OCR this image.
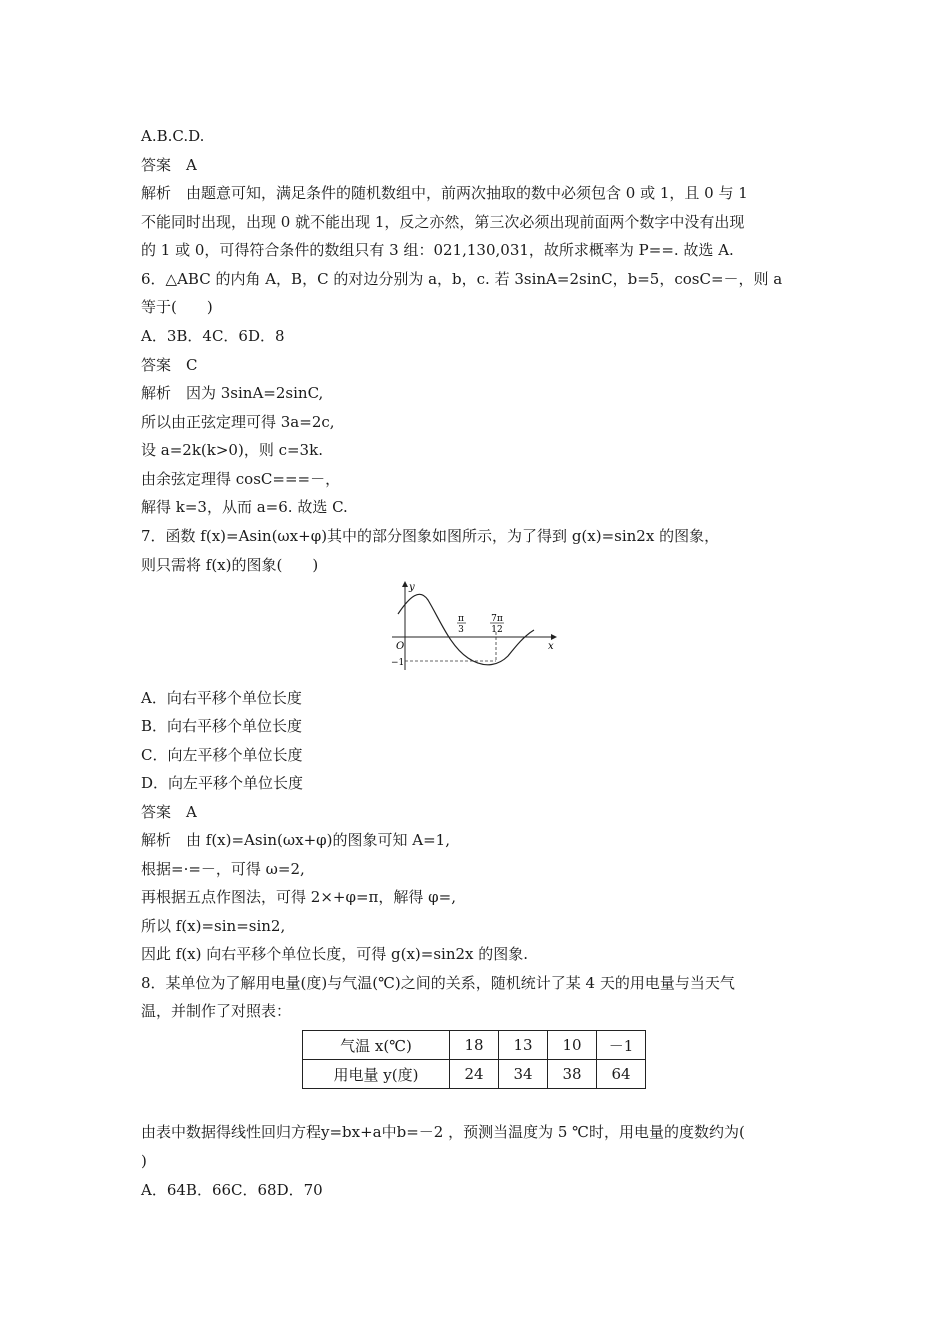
A.B.C.D.
答案　A
解析　由题意可知，满足条件的随机数组中，前两次抽取的数中必须包含 0 或 1，且 0 与 1
不能同时出现，出现 0 就不能出现 1，反之亦然，第三次必须出现前面两个数字中没有出现
的 1 或 0，可得符合条件的数组只有 3 组：021,130,031，故所求概率为 P==. 故选 A.
6．△ABC 的内角 A，B，C 的对边分别为 a，b，c. 若 3sinA=2sinC，b=5，cosC=－，则 a
等于(　　)
A．3B．4C．6D．8
答案　C
解析　因为 3sinA=2sinC,
所以由正弦定理可得 3a=2c,
设 a=2k(k>0)，则 c=3k.
由余弦定理得 cosC===－，
解得 k=3，从而 a=6. 故选 C.
7．函数 f(x)=Asin(ωx+φ)其中的部分图象如图所示，为了得到 g(x)=sin2x 的图象，
则只需将 f(x)的图象(　　)
y
x
O
π
3
7π
12
−1
A．向右平移个单位长度
B．向右平移个单位长度
C．向左平移个单位长度
D．向左平移个单位长度
答案　A
解析　由 f(x)=Asin(ωx+φ)的图象可知 A=1,
根据=·=－，可得 ω=2,
再根据五点作图法，可得 2×+φ=π，解得 φ=,
所以 f(x)=sin=sin2,
因此 f(x) 向右平移个单位长度，可得 g(x)=sin2x 的图象.
8．某单位为了解用电量(度)与气温(℃)之间的关系，随机统计了某 4 天的用电量与当天气
温，并制作了对照表：
气温 x(℃)	18	13	10	－1
用电量 y(度)	24	34	38	64
由表中数据得线性回归方程y=bx+a中b=－2 ，预测当温度为 5 ℃时，用电量的度数约为(
)
A．64B．66C．68D．70
